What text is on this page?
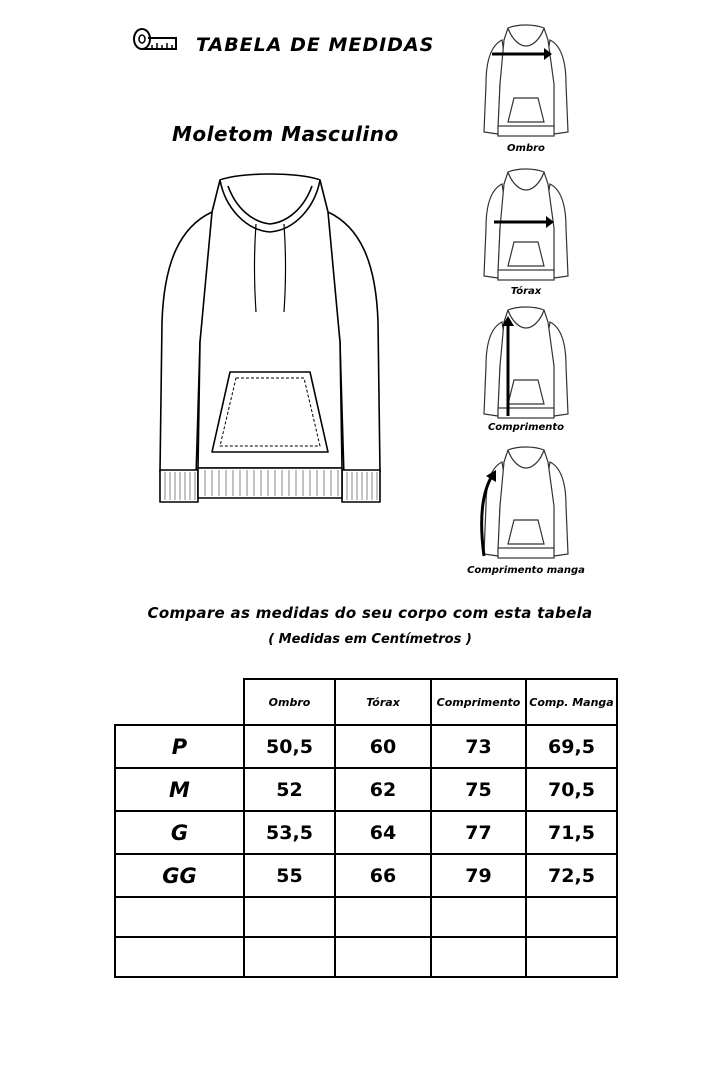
TABELA DE MEDIDAS
Moletom Masculino
Ombro
Tórax
Comprimento
Comprimento manga
Compare as medidas do seu corpo com esta tabela
( Medidas em Centímetros )
	Ombro	Tórax	Comprimento	Comp. Manga
P	50,5	60	73	69,5
M	52	62	75	70,5
G	53,5	64	77	71,5
GG	55	66	79	72,5
